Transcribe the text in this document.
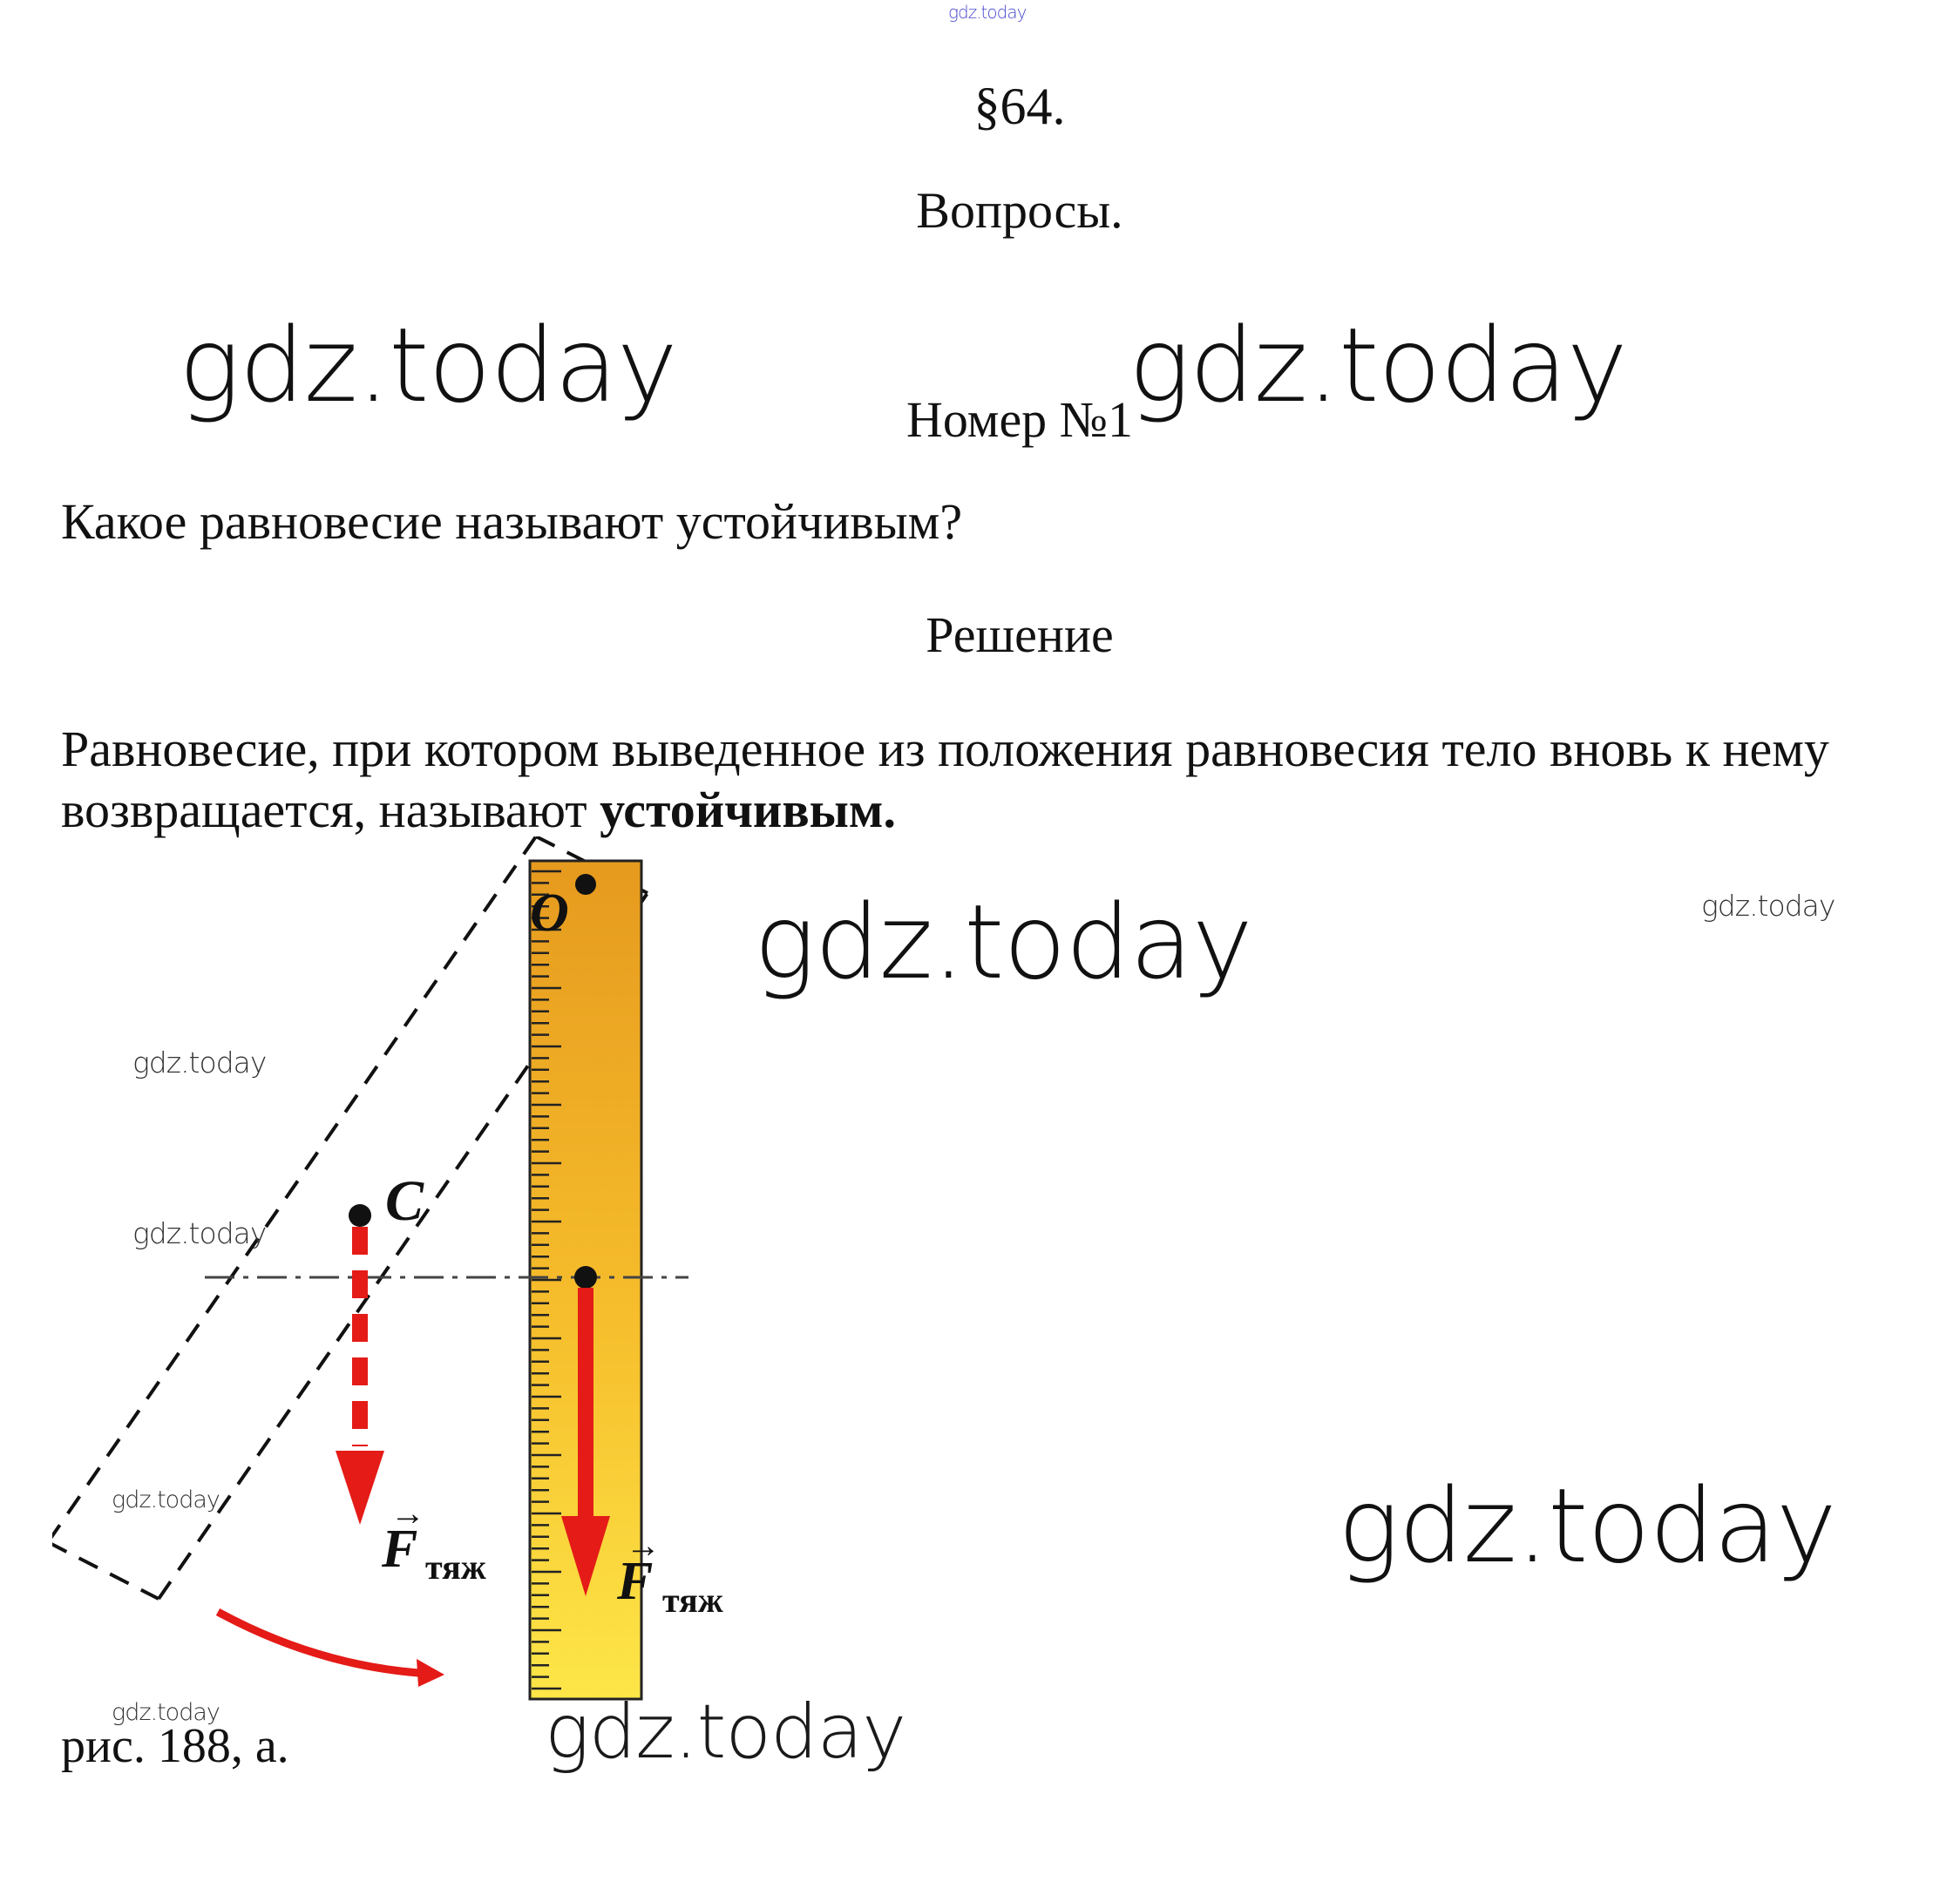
gdz.today
§64.
Вопросы.
Номер №1
gdz.today	gdz.today
Какое равновесие называют устойчивым?
Решение
Равновесие, при котором выведенное из положения равновесия тело вновь к нему возвращается, называют устойчивым.
O
C
F
→
тяж F
→
тяж
gdz.today	gdz.today
gdz.today
gdz.today
gdz.today	gdz.today
gdz.today	gdz.today
рис. 188, а.
